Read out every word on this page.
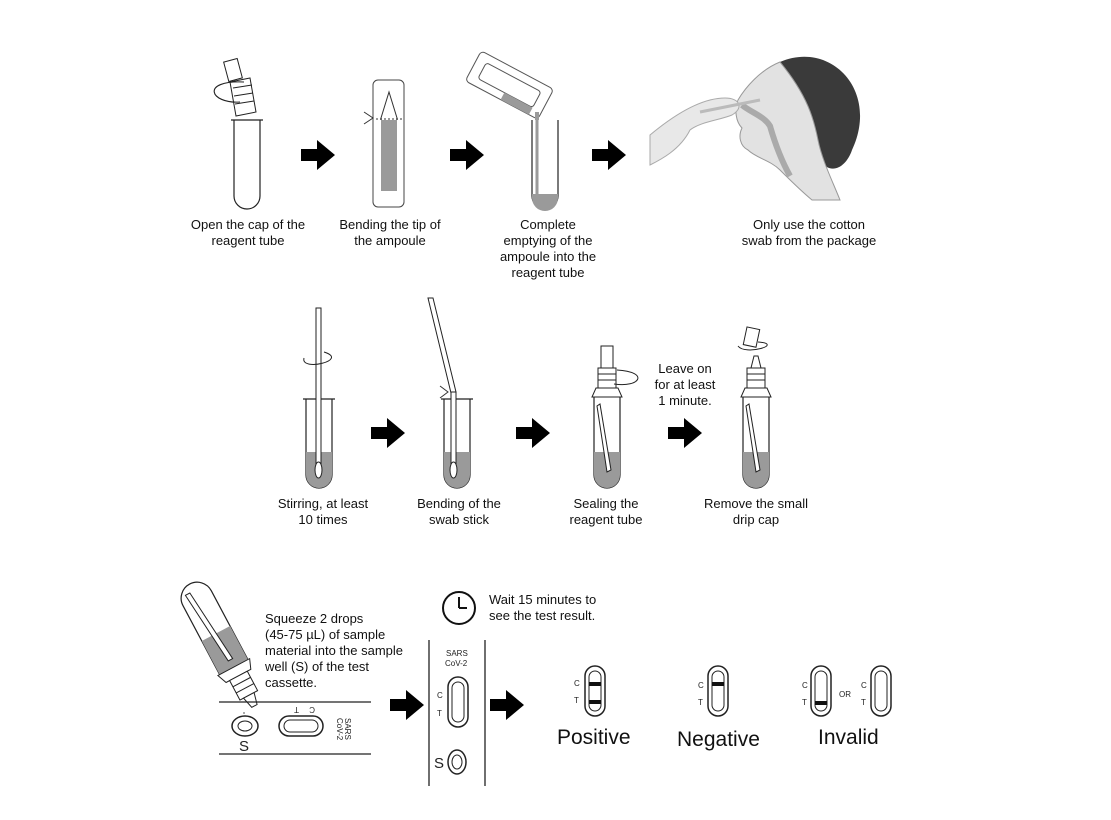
S
T C
SARS
CoV-2
SARS
CoV-2
C
T
S
C
T
C
T
C
T
OR
C
T
Open the cap of the
reagent tube
Bending the tip of
the ampoule
Complete
emptying of the
ampoule into the
reagent tube
Only use the cotton
swab from the package
Stirring, at least
10 times
Bending of the
swab stick
Sealing the
reagent tube
Leave on
for at least
1 minute.
Remove the small
drip cap
Squeeze 2 drops
(45-75 µL) of sample
material into the sample
well (S) of the test
cassette.
Wait 15 minutes to
see the test result.
Positive Negative	Invalid
